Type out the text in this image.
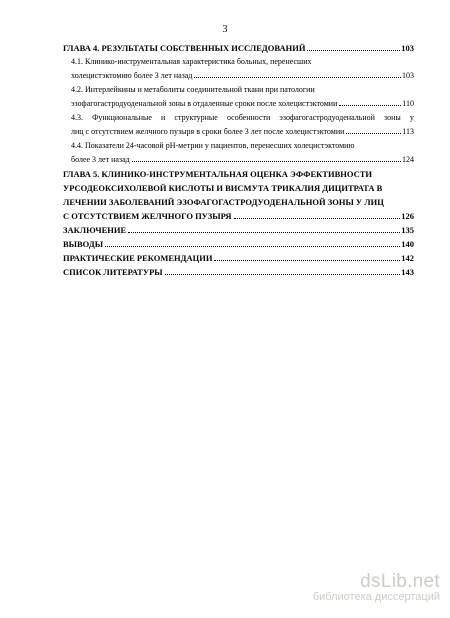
3
ГЛАВА 4. РЕЗУЛЬТАТЫ СОБСТВЕННЫХ ИССЛЕДОВАНИЙ	103
4.1. Клинико-инструментальная характеристика больных, перенесших
холецистэктомию более 3 лет назад	103
4.2. Интерлейкины и метаболиты соединительной ткани при патологии
эзофагогастродуоденальной зоны в отдаленные сроки после холецистэктомии	110
4.3. Функциональные и структурные особенности эзофагогастродуоденальной зоны у
лиц с отсутствием желчного пузыря в сроки более 3 лет после холецистэктомии	113
4.4. Показатели 24-часовой pH-метрии у пациентов, перенесших холецистэктомию
более 3 лет назад	124
ГЛАВА 5. КЛИНИКО-ИНСТРУМЕНТАЛЬНАЯ ОЦЕНКА ЭФФЕКТИВНОСТИ
УРСОДЕОКСИХОЛЕВОЙ КИСЛОТЫ И ВИСМУТА ТРИКАЛИЯ ДИЦИТРАТА В
ЛЕЧЕНИИ ЗАБОЛЕВАНИЙ ЭЗОФАГОГАСТРОДУОДЕНАЛЬНОЙ ЗОНЫ У ЛИЦ
С ОТСУТСТВИЕМ ЖЕЛЧНОГО ПУЗЫРЯ	126
ЗАКЛЮЧЕНИЕ	135
ВЫВОДЫ	140
ПРАКТИЧЕСКИЕ РЕКОМЕНДАЦИИ	142
СПИСОК ЛИТЕРАТУРЫ	143
dsLib.net
библиотека диссертаций
